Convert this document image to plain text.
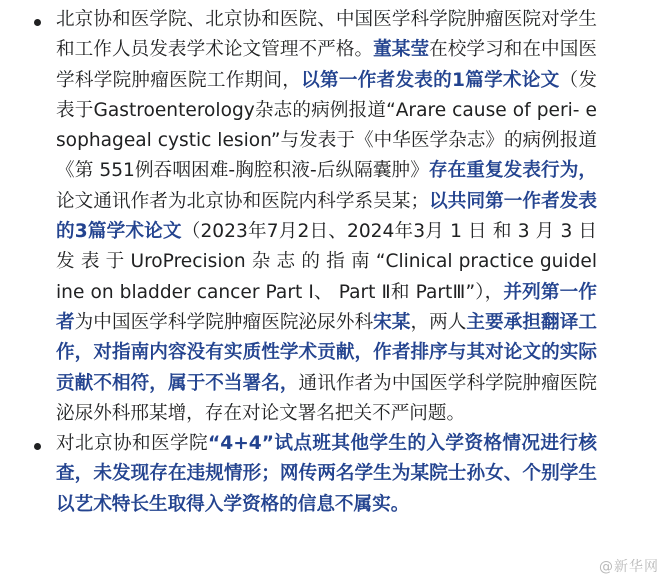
北京协和医学院、北京协和医院、中国医学科学院肿瘤医院对学生和工作人员发表学术论文管理不严格。董某莹在校学习和在中国医学科学院肿瘤医院工作期间，以第一作者发表的1篇学术论文（发表于Gastroenterology杂志的病例报道“Arare cause of peri- esophageal cystic lesion”与发表于《中华医学杂志》的病例报道《第 551例吞咽困难-胸腔积液-后纵隔囊肿》存在重复发表行为，论文通讯作者为北京协和医院内科学系吴某；以共同第一作者发表的3篇学术论文（2023年7月2日、2024年3月 1 日 和 3 月 3 日 发 表 于 UroPrecision 杂 志 的 指 南 “Clinical practice guideline on bladder cancer Part Ⅰ、 Part Ⅱ和 PartⅢ”），并列第一作者为中国医学科学院肿瘤医院泌尿外科宋某，两人主要承担翻译工作，对指南内容没有实质性学术贡献，作者排序与其对论文的实际贡献不相符，属于不当署名，通讯作者为中国医学科学院肿瘤医院泌尿外科邢某增，存在对论文署名把关不严问题。
对北京协和医学院“4+4”试点班其他学生的入学资格情况进行核查，未发现存在违规情形；网传两名学生为某院士孙女、个别学生以艺术特长生取得入学资格的信息不属实。
@新华网
